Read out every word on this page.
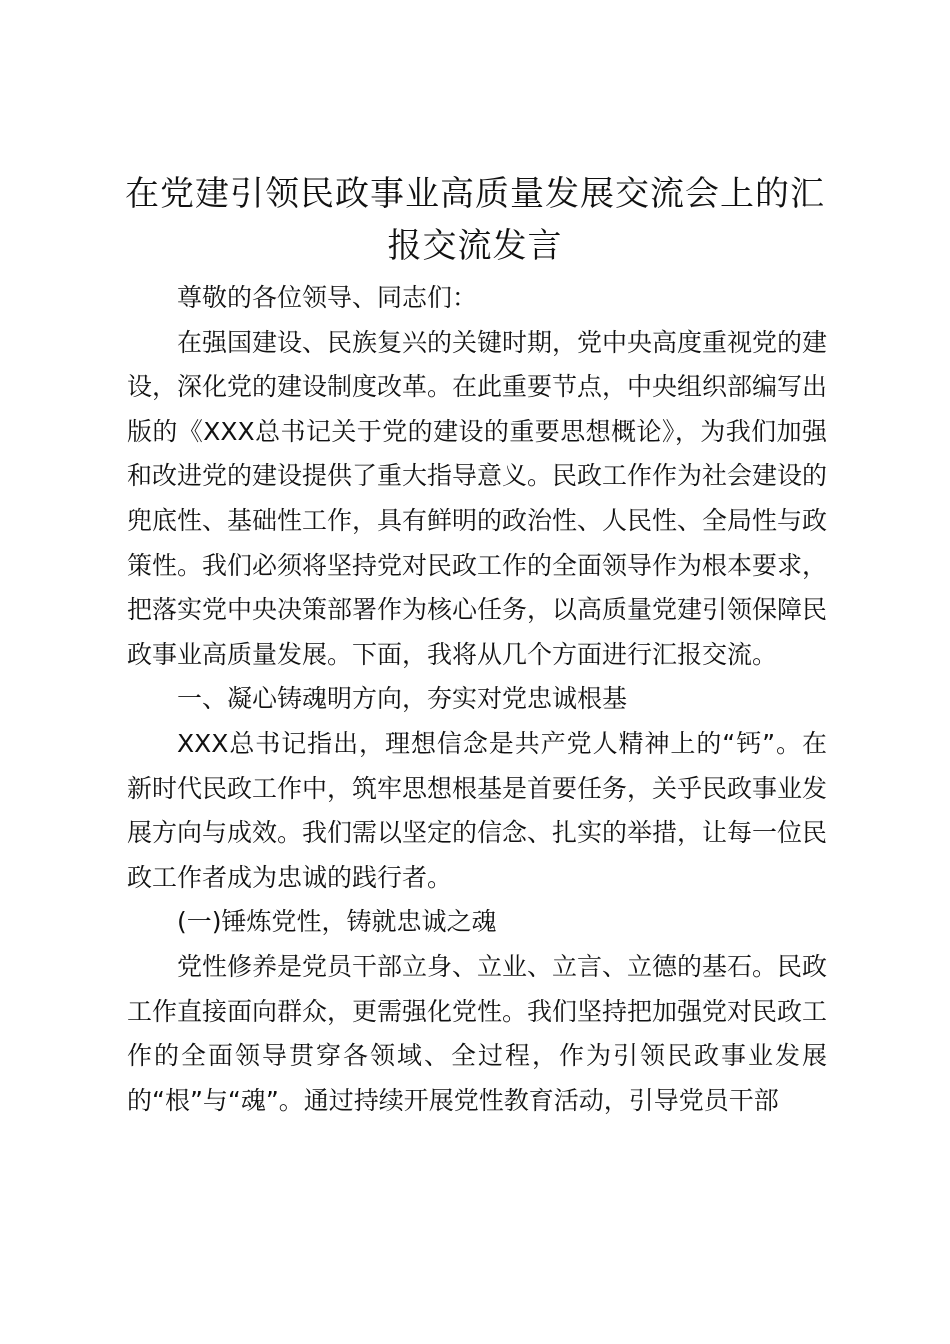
在党建引领民政事业高质量发展交流会上的汇报交流发言

尊敬的各位领导、同志们：

在强国建设、民族复兴的关键时期，党中央高度重视党的建设，深化党的建设制度改革。在此重要节点，中央组织部编写出版的《XXX总书记关于党的建设的重要思想概论》，为我们加强和改进党的建设提供了重大指导意义。民政工作作为社会建设的兜底性、基础性工作，具有鲜明的政治性、人民性、全局性与政策性。我们必须将坚持党对民政工作的全面领导作为根本要求，把落实党中央决策部署作为核心任务，以高质量党建引领保障民政事业高质量发展。下面，我将从几个方面进行汇报交流。

一、凝心铸魂明方向，夯实对党忠诚根基

XXX总书记指出，理想信念是共产党人精神上的“钙”。在新时代民政工作中，筑牢思想根基是首要任务，关乎民政事业发展方向与成效。我们需以坚定的信念、扎实的举措，让每一位民政工作者成为忠诚的践行者。

(一)锤炼党性，铸就忠诚之魂

党性修养是党员干部立身、立业、立言、立德的基石。民政工作直接面向群众，更需强化党性。我们坚持把加强党对民政工作的全面领导贯穿各领域、全过程，作为引领民政事业发展的“根”与“魂”。通过持续开展党性教育活动，引导党员干部
